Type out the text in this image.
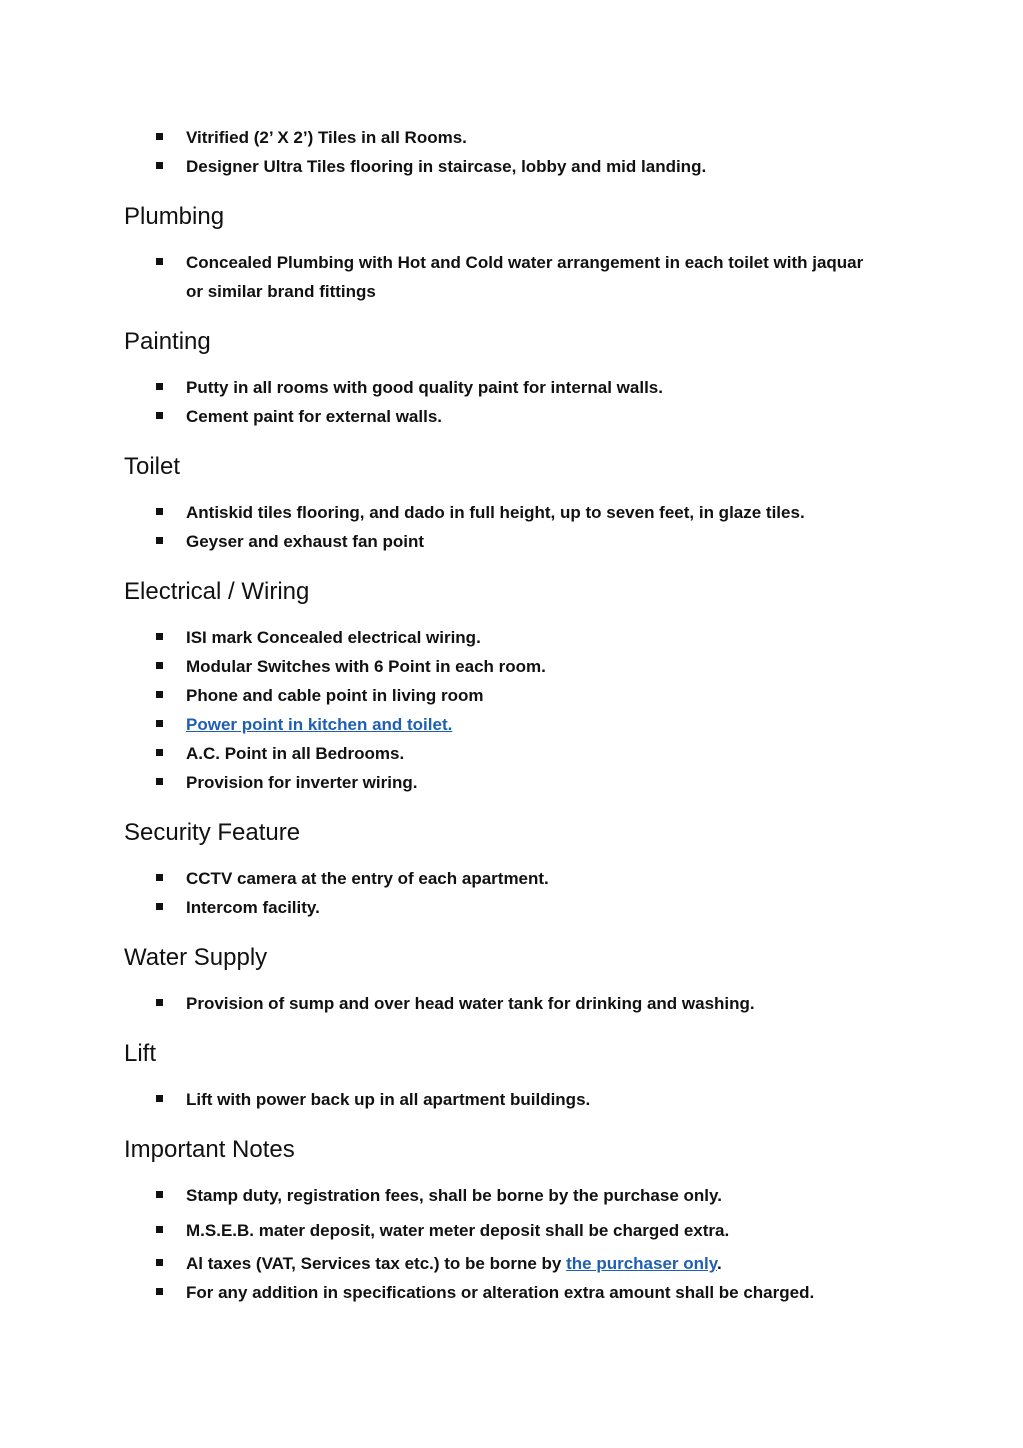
Vitrified (2’ X 2’) Tiles in all Rooms.
Designer Ultra Tiles flooring in staircase, lobby and mid landing.
Plumbing
Concealed Plumbing with Hot and Cold water arrangement in each toilet with jaquar or similar brand fittings
Painting
Putty in all rooms with good quality paint for internal walls.
Cement paint for external walls.
Toilet
Antiskid tiles flooring, and dado in full height, up to seven feet, in glaze tiles.
Geyser and exhaust fan point
Electrical / Wiring
ISI mark Concealed electrical wiring.
Modular Switches with 6 Point in each room.
Phone and cable point in living room
Power point in kitchen and toilet.
A.C. Point in all Bedrooms.
Provision for inverter wiring.
Security Feature
CCTV camera at the entry of each apartment.
Intercom facility.
Water Supply
Provision of sump and over head water tank for drinking and washing.
Lift
Lift with power back up in all apartment buildings.
Important Notes
Stamp duty, registration fees, shall be borne by the purchase only.
M.S.E.B. mater deposit, water meter deposit shall be charged extra.
Al taxes (VAT, Services tax etc.) to be borne by the purchaser only.
For any addition in specifications or alteration extra amount shall be charged.
